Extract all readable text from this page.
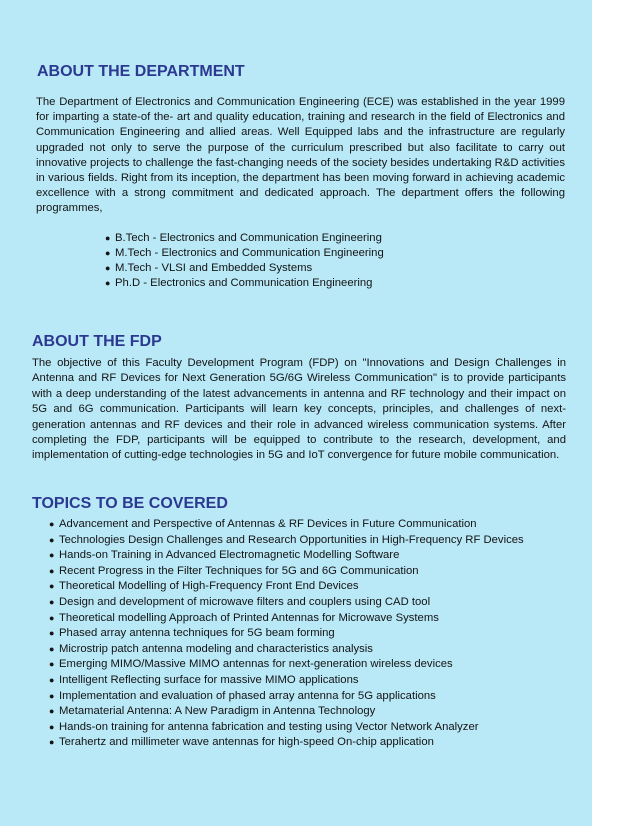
ABOUT THE DEPARTMENT

The Department of Electronics and Communication Engineering (ECE) was established in the year 1999 for imparting a state-of the- art and quality education, training and research in the field of Electronics and Communication Engineering and allied areas. Well Equipped labs and the infrastructure are regularly upgraded not only to serve the purpose of the curriculum prescribed but also facilitate to carry out innovative projects to challenge the fast-changing needs of the society besides undertaking R&D activities in various fields. Right from its inception, the department has been moving forward in achieving academic excellence with a strong commitment and dedicated approach. The department offers the following programmes,

● B.Tech - Electronics and Communication Engineering
● M.Tech - Electronics and Communication Engineering
● M.Tech - VLSI and Embedded Systems
● Ph.D - Electronics and Communication Engineering
ABOUT THE FDP

The objective of this Faculty Development Program (FDP) on "Innovations and Design Challenges in Antenna and RF Devices for Next Generation 5G/6G Wireless Communication" is to provide participants with a deep understanding of the latest advancements in antenna and RF technology and their impact on 5G and 6G communication. Participants will learn key concepts, principles, and challenges of next-generation antennas and RF devices and their role in advanced wireless communication systems. After completing the FDP, participants will be equipped to contribute to the research, development, and implementation of cutting-edge technologies in 5G and IoT convergence for future mobile communication.

TOPICS TO BE COVERED
● Advancement and Perspective of Antennas & RF Devices in Future Communication
● Technologies Design Challenges and Research Opportunities in High-Frequency RF Devices
● Hands-on Training in Advanced Electromagnetic Modelling Software
● Recent Progress in the Filter Techniques for 5G and 6G Communication
● Theoretical Modelling of High-Frequency Front End Devices
● Design and development of microwave filters and couplers using CAD tool
● Theoretical modelling Approach of Printed Antennas for Microwave Systems
● Phased array antenna techniques for 5G beam forming
● Microstrip patch antenna modeling and characteristics analysis
● Emerging MIMO/Massive MIMO antennas for next-generation wireless devices
● Intelligent Reflecting surface for massive MIMO applications
● Implementation and evaluation of phased array antenna for 5G applications
● Metamaterial Antenna: A New Paradigm in Antenna Technology
● Hands-on training for antenna fabrication and testing using Vector Network Analyzer
● Terahertz and millimeter wave antennas for high-speed On-chip application
